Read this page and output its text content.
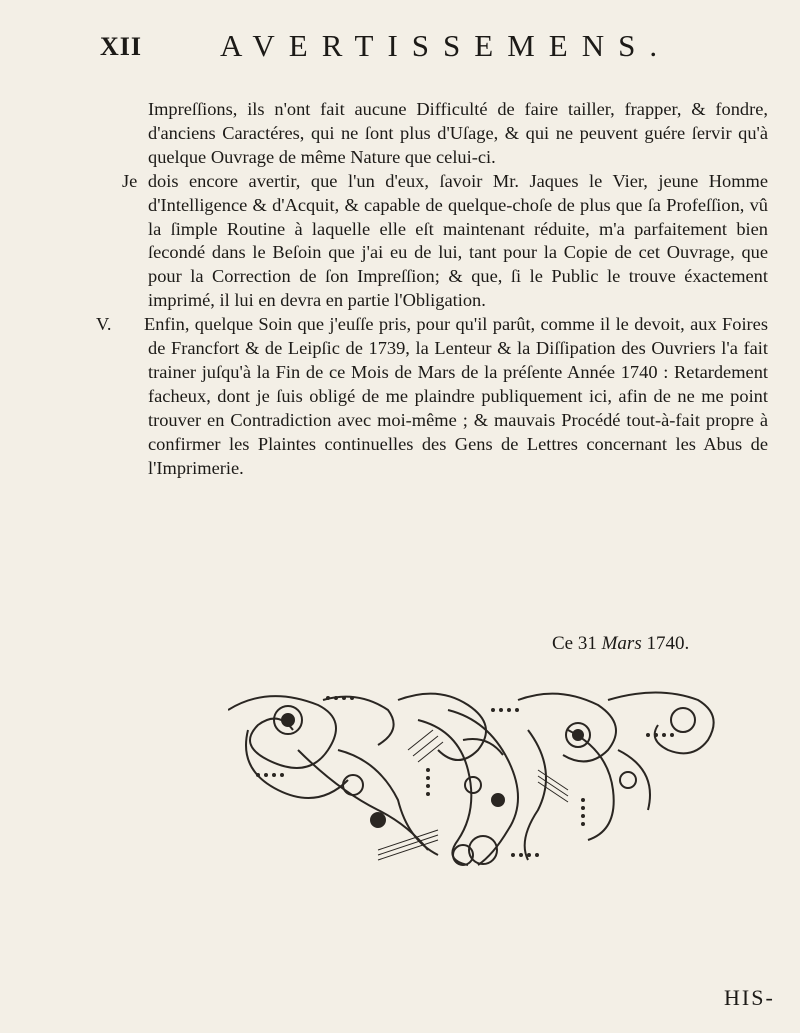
XII	AVERTISSEMENS.

Impreſſions, ils n'ont fait aucune Difficulté de faire tailler, frapper, & fondre, d'anciens Caractéres, qui ne ſont plus d'Uſage, & qui ne peuvent guére ſervir qu'à quelque Ouvrage de même Nature que celui-ci.

Je dois encore avertir, que l'un d'eux, ſavoir Mr. Jaques le Vier, jeune Homme d'Intelligence & d'Acquit, & capable de quelque-choſe de plus que ſa Profeſſion, vû la ſimple Routine à laquelle elle eſt maintenant réduite, m'a parfaitement bien ſecondé dans le Beſoin que j'ai eu de lui, tant pour la Copie de cet Ouvrage, que pour la Correction de ſon Impreſſion; & que, ſi le Public le trouve éxactement imprimé, il lui en devra en partie l'Obligation.

V. Enfin, quelque Soin que j'euſſe pris, pour qu'il parût, comme il le devoit, aux Foires de Francfort & de Leipſic de 1739, la Lenteur & la Diſſipation des Ouvriers l'a fait trainer juſqu'à la Fin de ce Mois de Mars de la préſente Année 1740 : Retardement facheux, dont je ſuis obligé de me plaindre publiquement ici, afin de ne me point trouver en Contradiction avec moi-même ; & mauvais Procédé tout-à-fait propre à confirmer les Plaintes continuelles des Gens de Lettres concernant les Abus de l'Imprimerie.

Ce 31 Mars 1740.
HIS-
